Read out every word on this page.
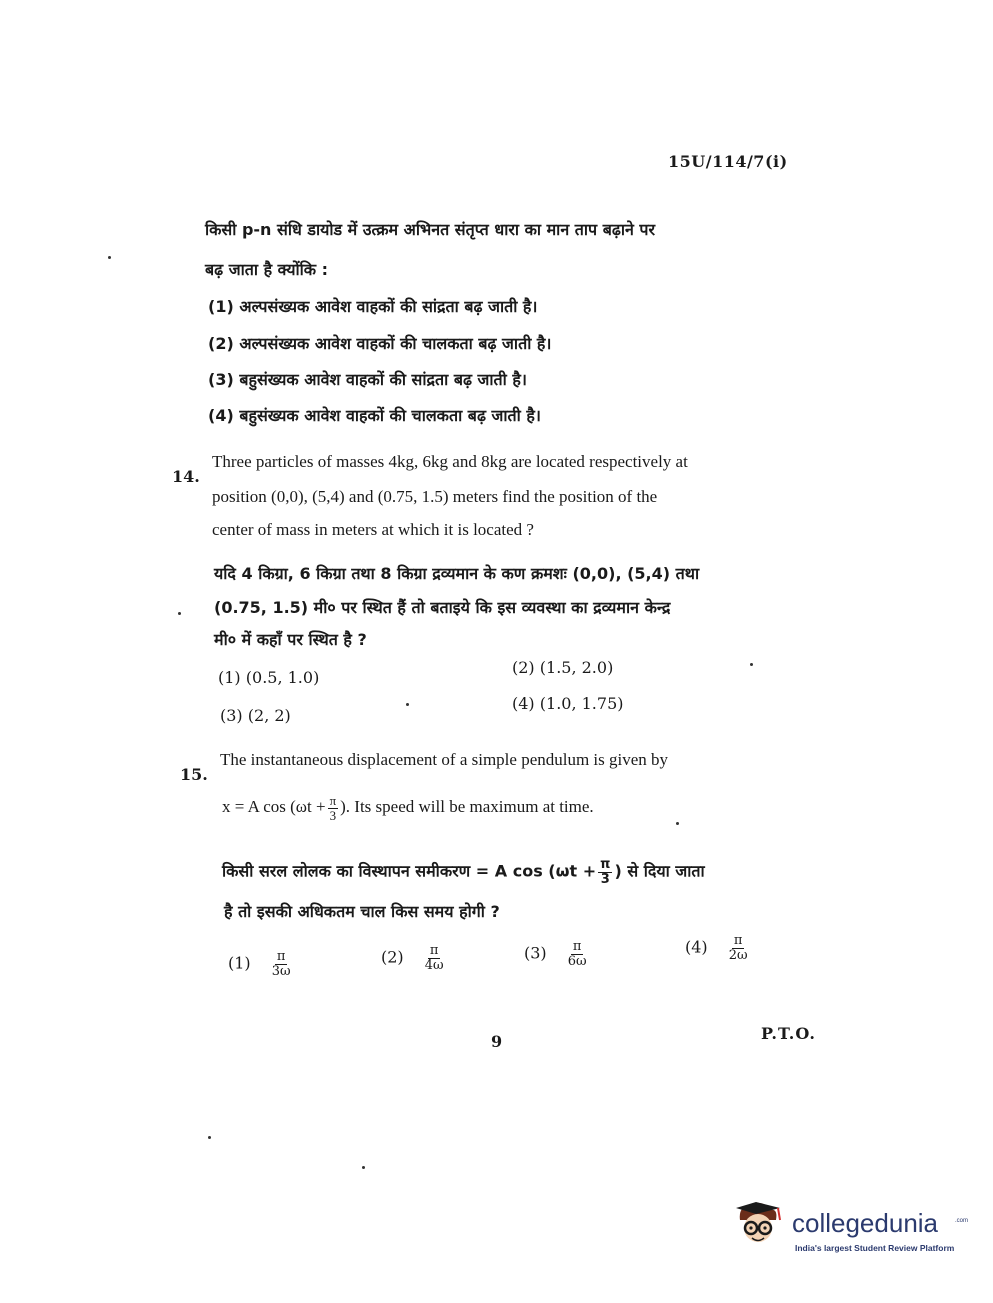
15U/114/7(i)
किसी p-n संधि डायोड में उत्क्रम अभिनत संतृप्त धारा का मान ताप बढ़ाने पर
बढ़ जाता है क्योंकि :
(1) अल्पसंख्यक आवेश वाहकों की सांद्रता बढ़ जाती है।
(2) अल्पसंख्यक आवेश वाहकों की चालकता बढ़ जाती है।
(3) बहुसंख्यक आवेश वाहकों की सांद्रता बढ़ जाती है।
(4) बहुसंख्यक आवेश वाहकों की चालकता बढ़ जाती है।
14.
Three particles of masses 4kg, 6kg and 8kg are located respectively at
position (0,0), (5,4) and (0.75, 1.5) meters find the position of the
center of mass in meters at which it is located ?
यदि 4 किग्रा, 6 किग्रा तथा 8 किग्रा द्रव्यमान के कण क्रमशः (0,0), (5,4) तथा
(0.75, 1.5) मी० पर स्थित हैं तो बताइये कि इस व्यवस्था का द्रव्यमान केन्द्र
मी० में कहाँ पर स्थित है ?
(1) (0.5, 1.0)
(2) (1.5, 2.0)
(3) (2, 2)
(4) (1.0, 1.75)
15.
The instantaneous displacement of a simple pendulum is given by
x = A $\cos (\omega t + \frac{\pi}{3}$ ). Its speed will be maximum at time.
किसी सरल लोलक का विस्थापन समीकरण = A $\cos (\omega t + \frac{\pi}{3}$ ) से दिया जाता
है तो इसकी अधिकतम चाल किस समय होगी ?
$(1) \frac{\pi}{3\omega}$	$(2) \frac{\pi}{4\omega}$	$(3) \frac{\pi}{6\omega}$	$(4) \frac{\pi}{2\omega}$
9	P.T.O.
collegedunia	.com
India's largest Student Review Platform
